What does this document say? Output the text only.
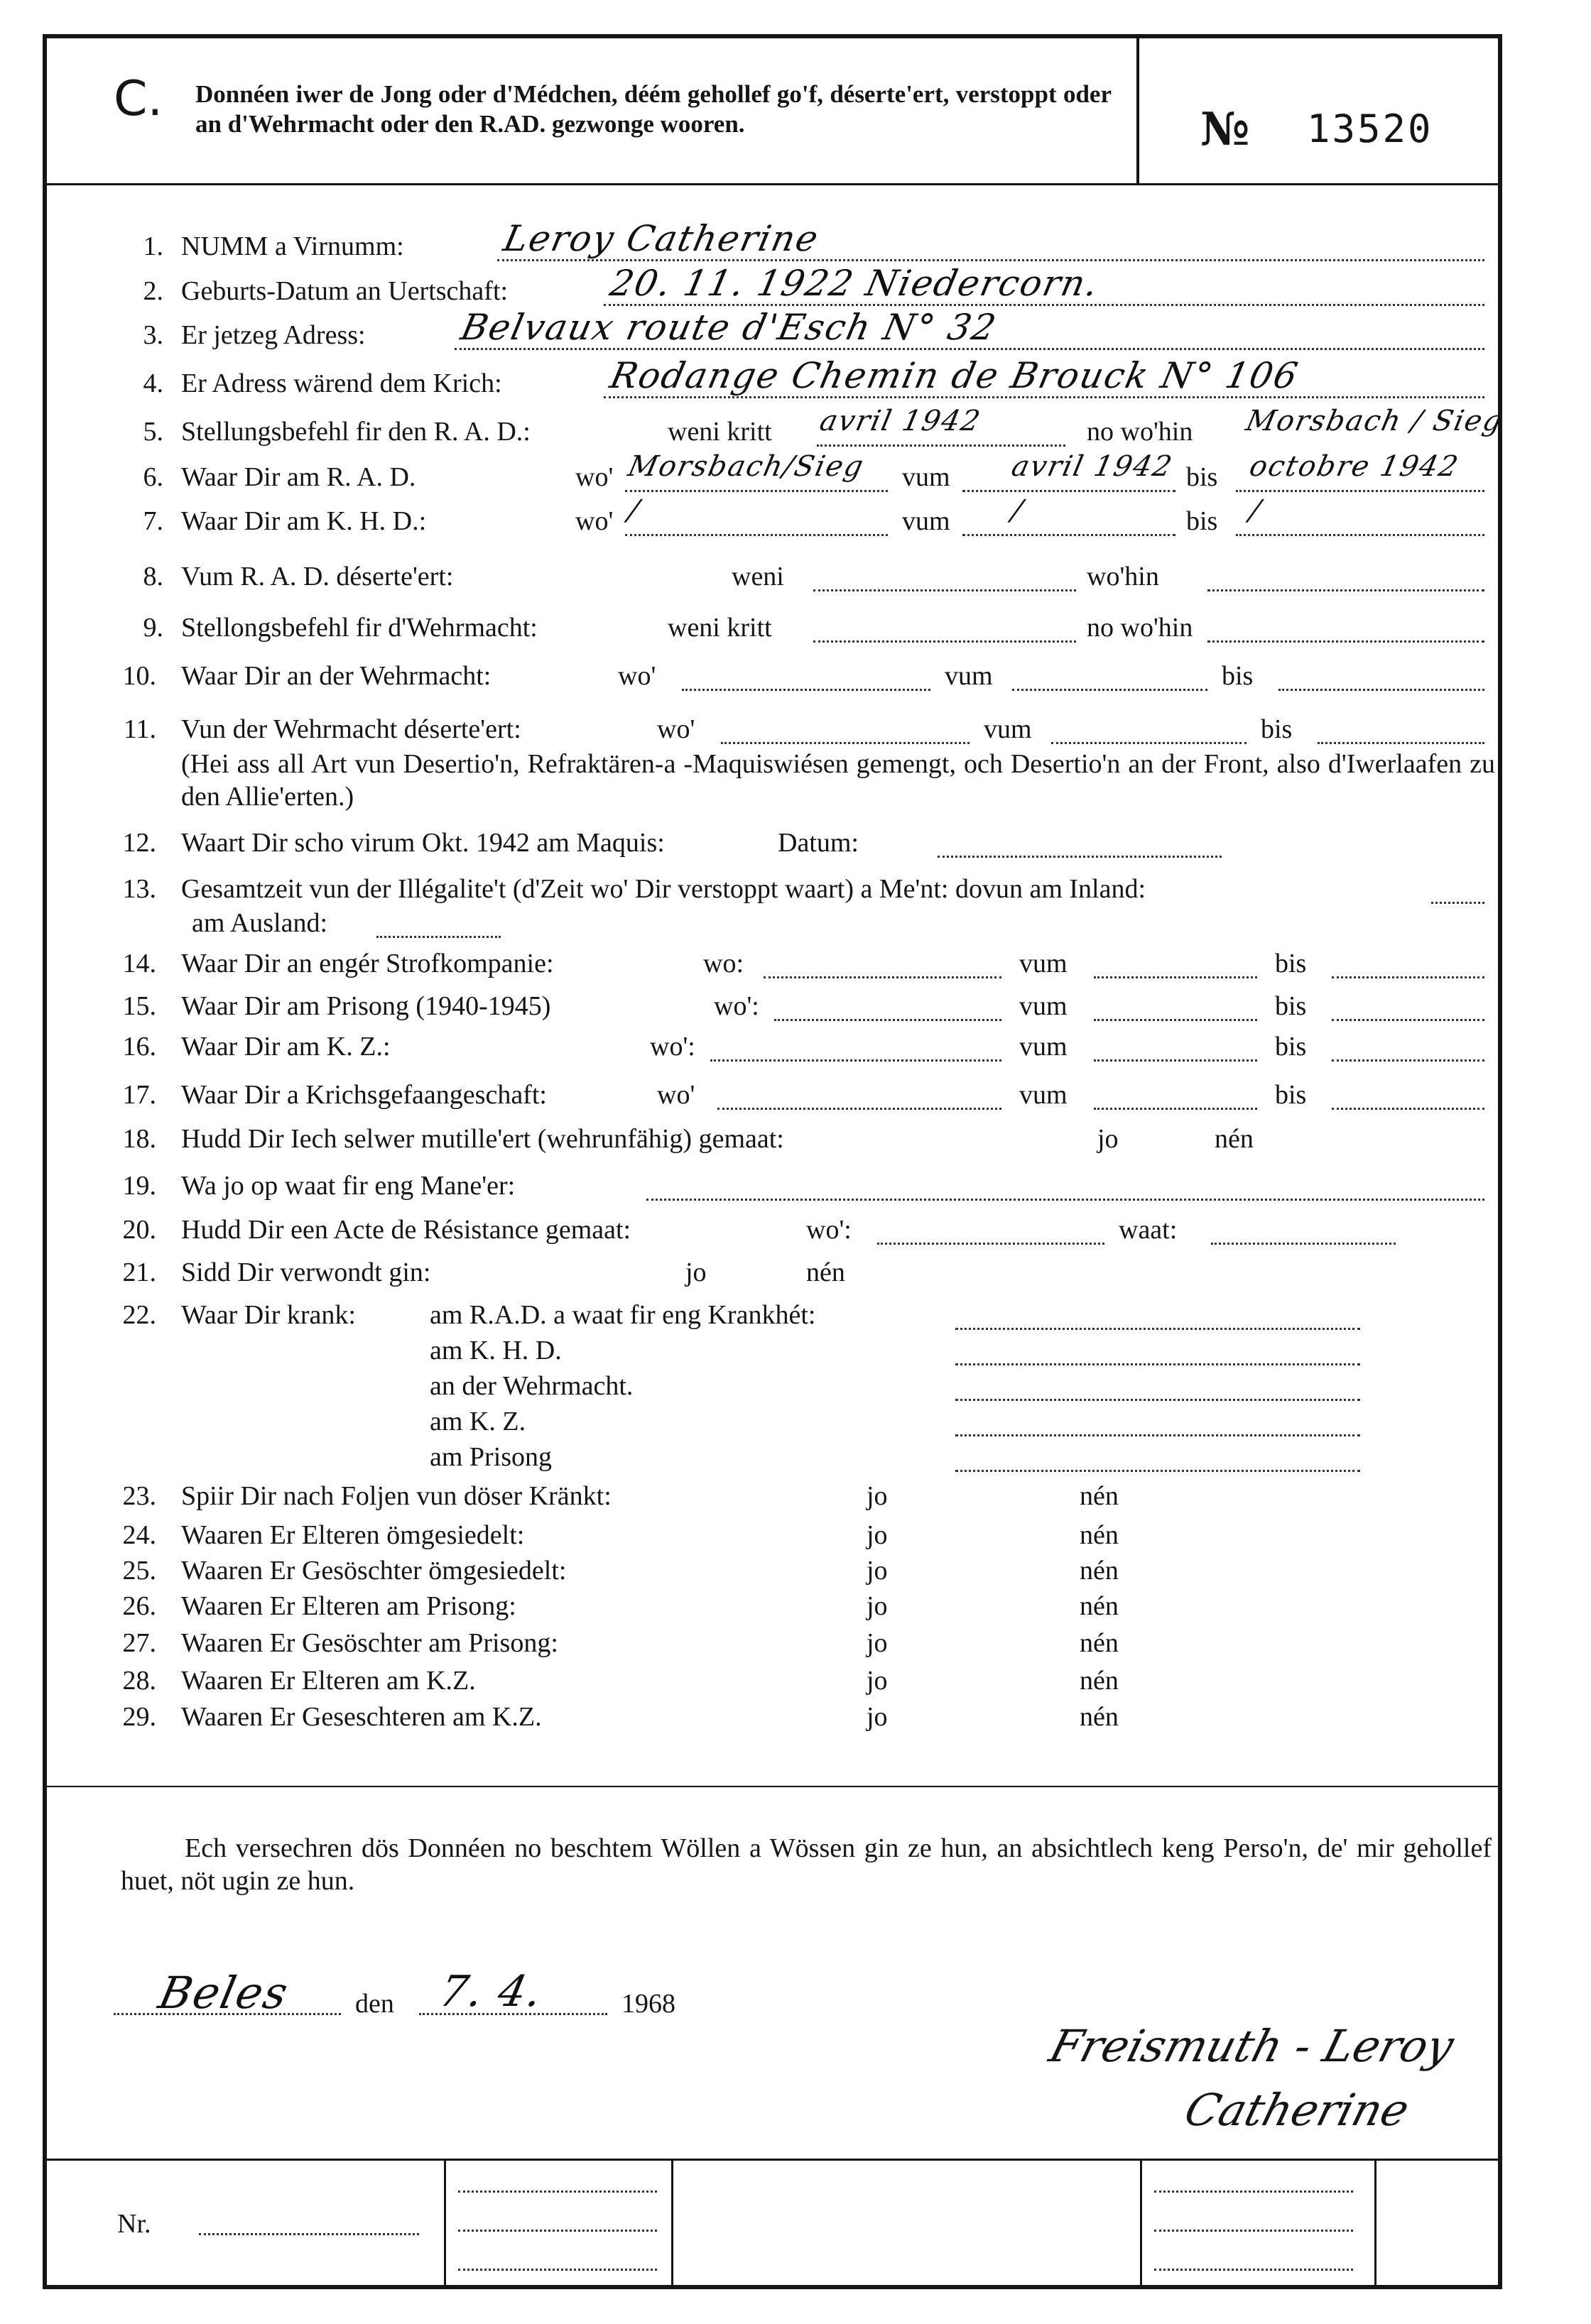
C. Donnéen iwer de Jong oder d'Médchen, déém gehollef go'f, déserte'ert, verstoppt oder an d'Wehrmacht oder den R.AD. gezwonge wooren.	№ 13520
1. NUMM a Virnumm:	Leroy Catherine
2. Geburts-Datum an Uertschaft:	20. 11. 1922 Niedercorn.
3. Er jetzeg Adress:	Belvaux route d'Esch N° 32
4. Er Adress wärend dem Krich:	Rodange Chemin de Brouck N° 106
5. Stellungsbefehl fir den R. A. D.:	weni kritt avril 1942	no wo'hin Morsbach / Sieg
6. Waar Dir am R. A. D.	wo' Morsbach/Sieg vum avril 1942 bis octobre 1942
7. Waar Dir am K. H. D.:	wo' /	vum /	bis /
8. Vum R. A. D. déserte'ert:	weni	wo'hin
9. Stellongsbefehl fir d'Wehrmacht:	weni kritt	no wo'hin
10. Waar Dir an der Wehrmacht:	wo'	vum	bis
11. Vun der Wehrmacht déserte'ert:	wo'	vum	bis
(Hei ass all Art vun Desertio'n, Refraktären-a -Maquiswiésen gemengt, och Desertio'n an der Front, also d'Iwerlaafen zu den Allie'erten.)
12. Waart Dir scho virum Okt. 1942 am Maquis:	Datum:
13. Gesamtzeit vun der Illégalite't (d'Zeit wo' Dir verstoppt waart) a Me'nt: dovun am Inland:
am Ausland:
14. Waar Dir an engér Strofkompanie:	wo:	vum	bis
15. Waar Dir am Prisong (1940-1945)	wo':	vum	bis
16. Waar Dir am K. Z.:	wo':	vum	bis
17. Waar Dir a Krichsgefaangeschaft:	wo'	vum	bis
18. Hudd Dir Iech selwer mutille'ert (wehrunfähig) gemaat:	jo	nén
19. Wa jo op waat fir eng Mane'er:
20. Hudd Dir een Acte de Résistance gemaat:	wo':	waat:
21. Sidd Dir verwondt gin:	jo	nén
22. Waar Dir krank:	am R.A.D. a waat fir eng Krankhét:
am K. H. D.
an der Wehrmacht.
am K. Z.
am Prisong
23. Spiir Dir nach Foljen vun döser Kränkt:	jo	nén
24. Waaren Er Elteren ömgesiedelt:	jo	nén
25. Waaren Er Gesöschter ömgesiedelt:	jo	nén
26. Waaren Er Elteren am Prisong:	jo	nén
27. Waaren Er Gesöschter am Prisong:	jo	nén
28. Waaren Er Elteren am K.Z.	jo	nén
29. Waaren Er Geseschteren am K.Z.	jo	nén
Ech versechren dös Donnéen no beschtem Wöllen a Wössen gin ze hun, an absichtlech keng Perso'n, de' mir gehollef huet, nöt ugin ze hun.
Beles den 7. 4.	1968
Freismuth - Leroy
Catherine
Nr.
